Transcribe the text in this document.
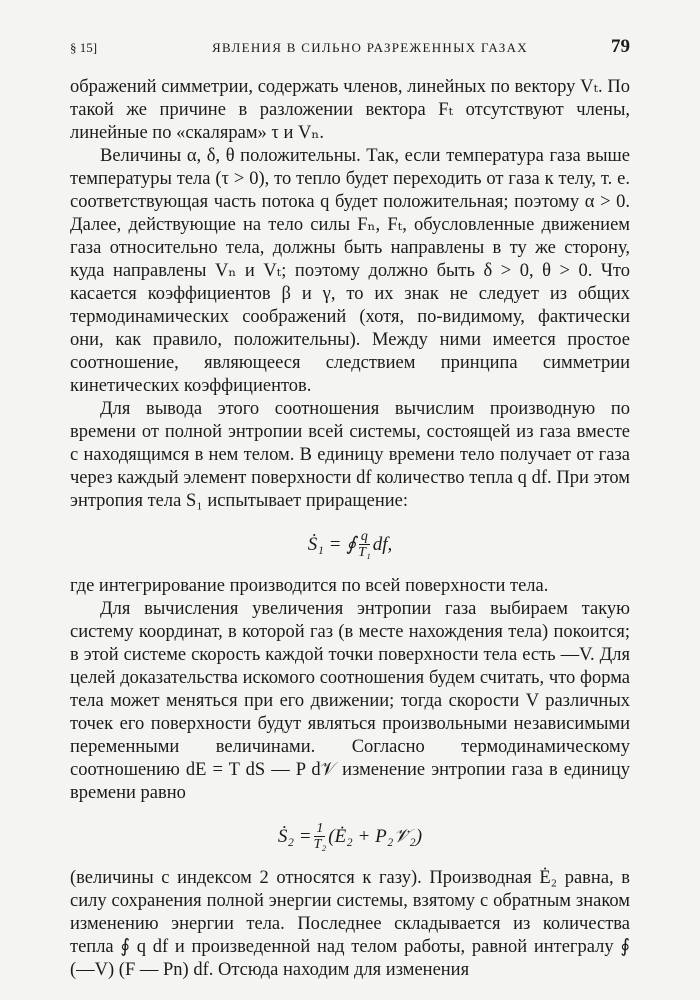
§ 15]	ЯВЛЕНИЯ В СИЛЬНО РАЗРЕЖЕННЫХ ГАЗАХ	79

ображений симметрии, содержать членов, линейных по вектору Vₜ. По такой же причине в разложении вектора Fₜ отсутствуют члены, линейные по «скалярам» τ и Vₙ.

Величины α, δ, θ положительны. Так, если температура газа выше температуры тела (τ > 0), то тепло будет переходить от газа к телу, т. е. соответствующая часть потока q будет положительная; поэтому α > 0. Далее, действующие на тело силы Fₙ, Fₜ, обусловленные движением газа относительно тела, должны быть направлены в ту же сторону, куда направлены Vₙ и Vₜ; поэтому должно быть δ > 0, θ > 0. Что касается коэффициентов β и γ, то их знак не следует из общих термодинамических соображений (хотя, по-видимому, фактически они, как правило, положительны). Между ними имеется простое соотношение, являющееся следствием принципа симметрии кинетических коэффициентов.

Для вывода этого соотношения вычислим производную по времени от полной энтропии всей системы, состоящей из газа вместе с находящимся в нем телом. В единицу времени тело получает от газа через каждый элемент поверхности df количество тепла q df. При этом энтропия тела S₁ испытывает приращение:

Ṡ₁ = ∮ $\frac{q}{\text{T₁}}$ df,

где интегрирование производится по всей поверхности тела.

Для вычисления увеличения энтропии газа выбираем такую систему координат, в которой газ (в месте нахождения тела) покоится; в этой системе скорость каждой точки поверхности тела есть —V. Для целей доказательства искомого соотношения будем считать, что форма тела может меняться при его движении; тогда скорости V различных точек его поверхности будут являться произвольными независимыми переменными величинами. Согласно термодинамическому соотношению dE = T dS — P d𝒱 изменение энтропии газа в единицу времени равно

Ṡ₂ = $\frac{1}{\text{T₂}}$ (Ė₂ + P₂𝒱̇₂)

(величины с индексом 2 относятся к газу). Производная Ė₂ равна, в силу сохранения полной энергии системы, взятому с обратным знаком изменению энергии тела. Последнее складывается из количества тепла ∮ q df и произведенной над телом работы, равной интегралу ∮ (—V) (F — Pn) df. Отсюда находим для изменения
